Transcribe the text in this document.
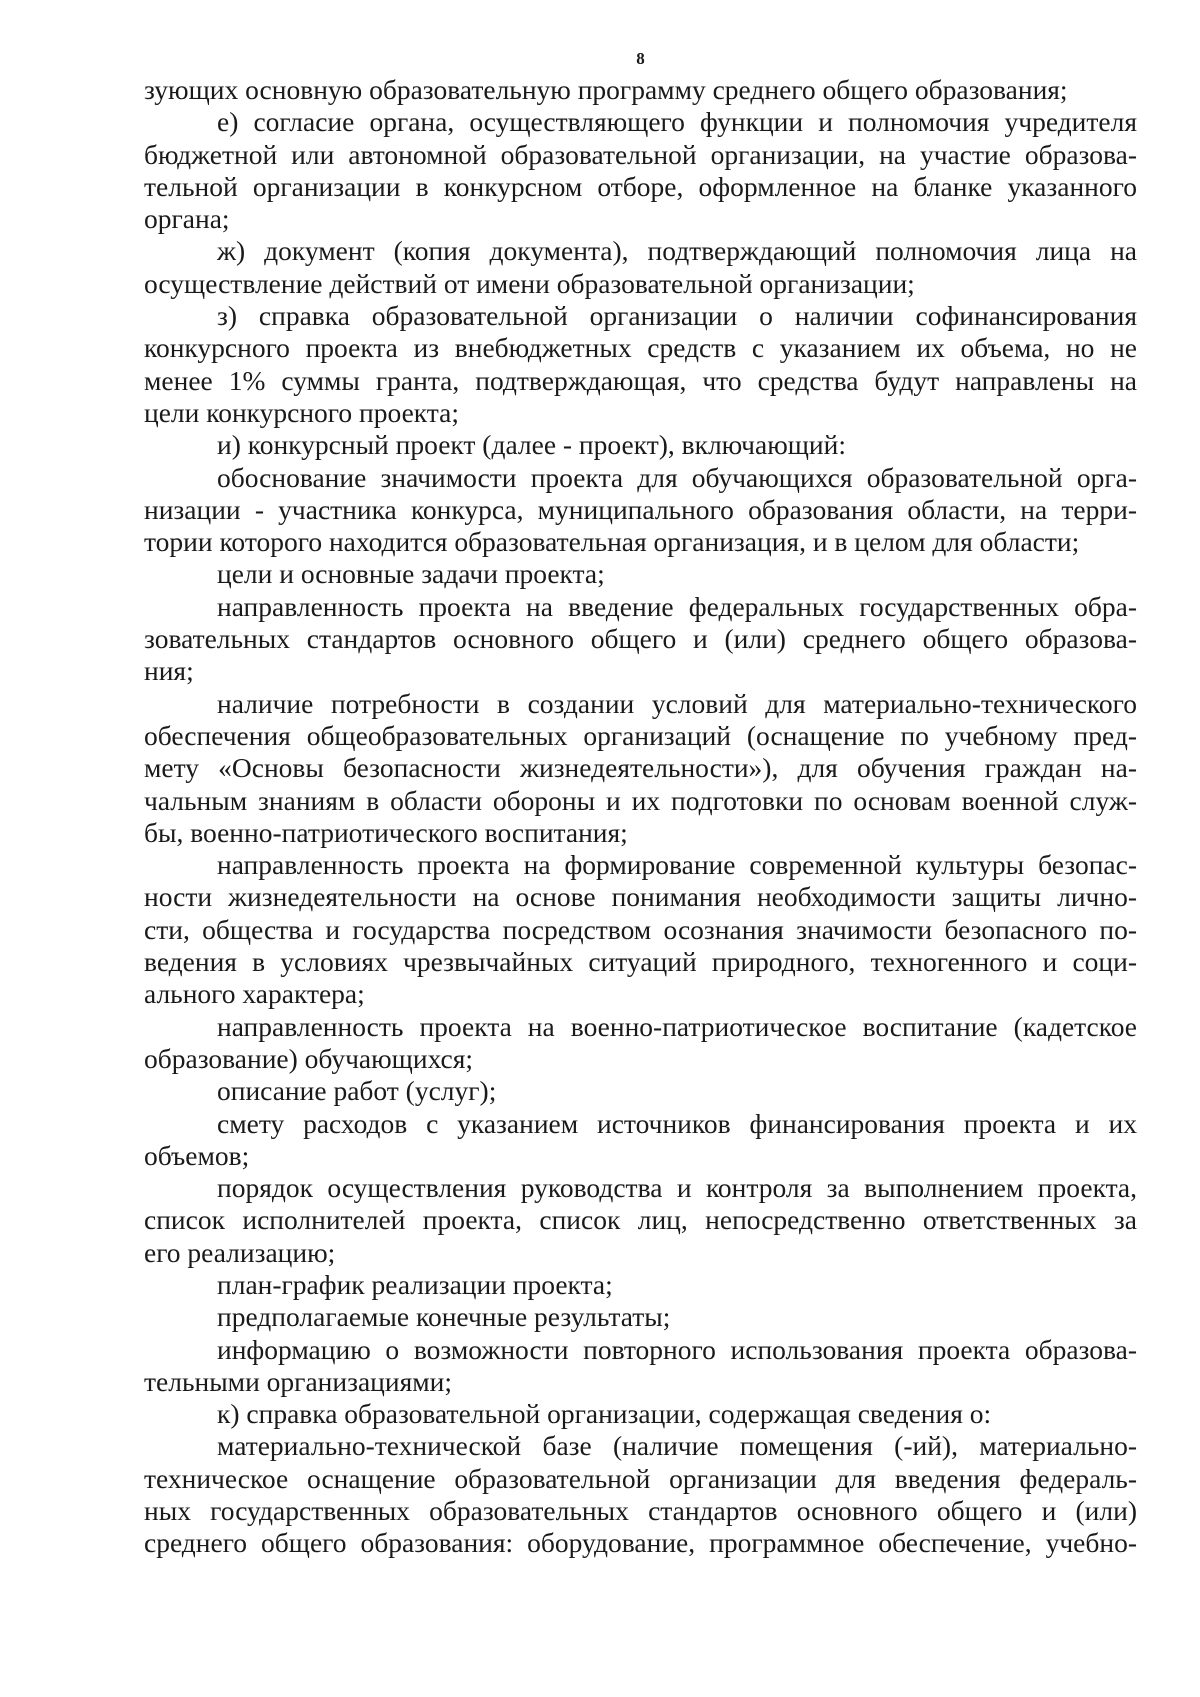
8
зующих основную образовательную программу среднего общего образования;
е) согласие органа, осуществляющего функции и полномочия учредителя
бюджетной или автономной образовательной организации, на участие образова-
тельной организации в конкурсном отборе, оформленное на бланке указанного
органа;
ж) документ (копия документа), подтверждающий полномочия лица на
осуществление действий от имени образовательной организации;
з) справка образовательной организации о наличии софинансирования
конкурсного проекта из внебюджетных средств с указанием их объема, но не
менее 1% суммы гранта, подтверждающая, что средства будут направлены на
цели конкурсного проекта;
и) конкурсный проект (далее - проект), включающий:
обоснование значимости проекта для обучающихся образовательной орга-
низации - участника конкурса, муниципального образования области, на терри-
тории которого находится образовательная организация, и в целом для области;
цели и основные задачи проекта;
направленность проекта на введение федеральных государственных обра-
зовательных стандартов основного общего и (или) среднего общего образова-
ния;
наличие потребности в создании условий для материально-технического
обеспечения общеобразовательных организаций (оснащение по учебному пред-
мету «Основы безопасности жизнедеятельности»), для обучения граждан на-
чальным знаниям в области обороны и их подготовки по основам военной служ-
бы, военно-патриотического воспитания;
направленность проекта на формирование современной культуры безопас-
ности жизнедеятельности на основе понимания необходимости защиты лично-
сти, общества и государства посредством осознания значимости безопасного по-
ведения в условиях чрезвычайных ситуаций природного, техногенного и соци-
ального характера;
направленность проекта на военно-патриотическое воспитание (кадетское
образование) обучающихся;
описание работ (услуг);
смету расходов с указанием источников финансирования проекта и их
объемов;
порядок осуществления руководства и контроля за выполнением проекта,
список исполнителей проекта, список лиц, непосредственно ответственных за
его реализацию;
план-график реализации проекта;
предполагаемые конечные результаты;
информацию о возможности повторного использования проекта образова-
тельными организациями;
к) справка образовательной организации, содержащая сведения о:
материально-технической базе (наличие помещения (-ий), материально-
техническое оснащение образовательной организации для введения федераль-
ных государственных образовательных стандартов основного общего и (или)
среднего общего образования: оборудование, программное обеспечение, учебно-
